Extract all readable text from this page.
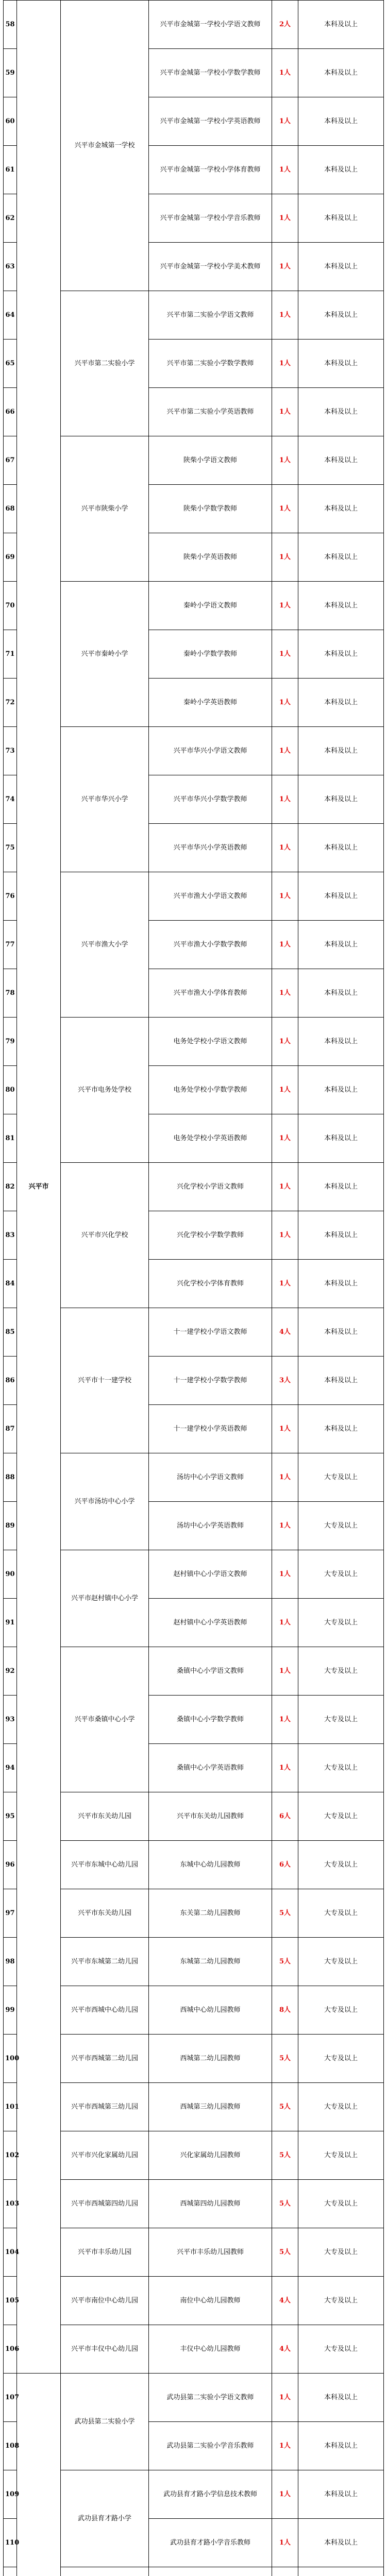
58	兴平市	兴平市金城第一学校	兴平市金城第一学校小学语文教师	2人	本科及以上
59			兴平市金城第一学校小学数学教师	1人	本科及以上
60			兴平市金城第一学校小学英语教师	1人	本科及以上
61			兴平市金城第一学校小学体育教师	1人	本科及以上
62			兴平市金城第一学校小学音乐教师	1人	本科及以上
63			兴平市金城第一学校小学美术教师	1人	本科及以上
64		兴平市第二实验小学	兴平市第二实验小学语文教师	1人	本科及以上
65			兴平市第二实验小学数学教师	1人	本科及以上
66			兴平市第二实验小学英语教师	1人	本科及以上
67		兴平市陕柴小学	陕柴小学语文教师	1人	本科及以上
68			陕柴小学数学教师	1人	本科及以上
69			陕柴小学英语教师	1人	本科及以上
70		兴平市秦岭小学	秦岭小学语文教师	1人	本科及以上
71			秦岭小学数学教师	1人	本科及以上
72			秦岭小学英语教师	1人	本科及以上
73		兴平市华兴小学	兴平市华兴小学语文教师	1人	本科及以上
74			兴平市华兴小学数学教师	1人	本科及以上
75			兴平市华兴小学英语教师	1人	本科及以上
76		兴平市渔大小学	兴平市渔大小学语文教师	1人	本科及以上
77			兴平市渔大小学数学教师	1人	本科及以上
78			兴平市渔大小学体育教师	1人	本科及以上
79		兴平市电务处学校	电务处学校小学语文教师	1人	本科及以上
80			电务处学校小学数学教师	1人	本科及以上
81			电务处学校小学英语教师	1人	本科及以上
82		兴平市兴化学校	兴化学校小学语文教师	1人	本科及以上
83			兴化学校小学数学教师	1人	本科及以上
84			兴化学校小学体育教师	1人	本科及以上
85		兴平市十一建学校	十一建学校小学语文教师	4人	本科及以上
86			十一建学校小学数学教师	3人	本科及以上
87			十一建学校小学英语教师	1人	本科及以上
88		兴平市汤坊中心小学	汤坊中心小学语文教师	1人	大专及以上
89			汤坊中心小学英语教师	1人	大专及以上
90		兴平市赵村镇中心小学	赵村镇中心小学语文教师	1人	大专及以上
91			赵村镇中心小学英语教师	1人	大专及以上
92		兴平市桑镇中心小学	桑镇中心小学语文教师	1人	大专及以上
93			桑镇中心小学数学教师	1人	大专及以上
94			桑镇中心小学英语教师	1人	大专及以上
95		兴平市东关幼儿园	兴平市东关幼儿园教师	6人	大专及以上
96		兴平市东城中心幼儿园	东城中心幼儿园教师	6人	大专及以上
97		兴平市东关幼儿园	东关第二幼儿园教师	5人	大专及以上
98		兴平市东城第二幼儿园	东城第二幼儿园教师	5人	大专及以上
99		兴平市西城中心幼儿园	西城中心幼儿园教师	8人	大专及以上
100		兴平市西城第二幼儿园	西城第二幼儿园教师	5人	大专及以上
101		兴平市西城第三幼儿园	西城第三幼儿园教师	5人	大专及以上
102		兴平市兴化家属幼儿园	兴化家属幼儿园教师	5人	大专及以上
103		兴平市西城第四幼儿园	西城第四幼儿园教师	5人	大专及以上
104		兴平市丰乐幼儿园	兴平市丰乐幼儿园教师	5人	大专及以上
105		兴平市南位中心幼儿园	南位中心幼儿园教师	4人	大专及以上
106		兴平市丰仪中心幼儿园	丰仪中心幼儿园教师	4人	大专及以上
107		武功县第二实验小学	武功县第二实验小学语文教师	1人	本科及以上
108			武功县第二实验小学音乐教师	1人	本科及以上
109		武功县育才路小学	武功县育才路小学信息技术教师	1人	本科及以上
110			武功县育才路小学音乐教师	1人	本科及以上
